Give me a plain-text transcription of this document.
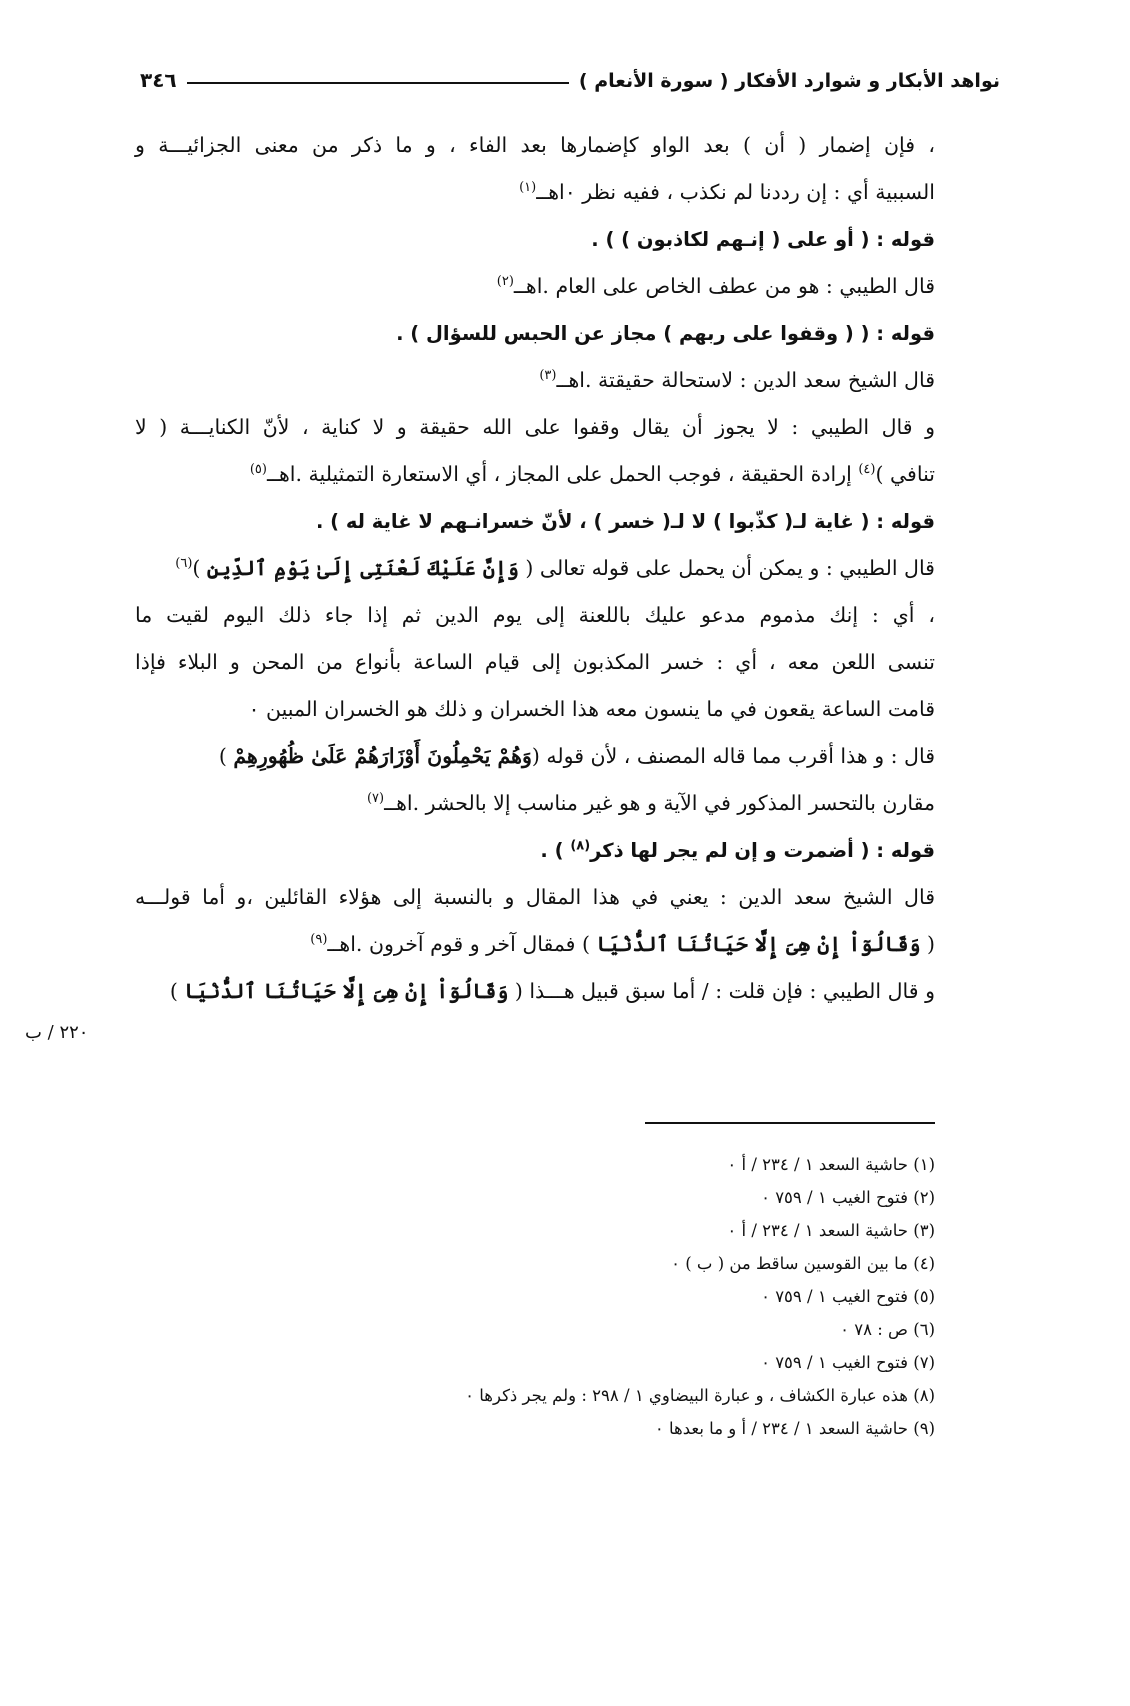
نواهد الأبكار و شوارد الأفكار ( سورة الأنعام )
٣٤٦
، فإن إضمار ( أن ) بعد الواو كإضمارها بعد الفاء ، و ما ذكر من معنى الجزائيـــة و
السببية أي : إن رددنا لم نكذب ، ففيه نظر ٠اهــ$^{(١)}$
قوله : ( أو على ( إنـهم لكاذبون ) ) .
قال الطيبي : هو من عطف الخاص على العام .اهــ$^{(٢)}$
قوله : ( ( وقفوا على ربهم ) مجاز عن الحبس للسؤال ) .
قال الشيخ سعد الدين : لاستحالة حقيقتة .اهــ$^{(٣)}$
و قال الطيبي : لا يجوز أن يقال وقفوا على الله حقيقة و لا كناية ، لأنّ الكنايـــة ( لا
تنافي )$^{(٤)}$ إرادة الحقيقة ، فوجب الحمل على المجاز ، أي الاستعارة التمثيلية .اهــ$^{(٥)}$
قوله : ( غاية لـ( كذّبوا ) لا لـ( خسر ) ، لأنّ خسرانـهم لا غاية له ) .
قال الطيبي : و يمكن أن يحمل على قوله تعالى ( وَإِنَّ عَلَيْكَ لَعْنَتِى إِلَىٰ يَوْمِ ٱلدِّينِ )$^{(٦)}$
، أي : إنك مذموم مدعو عليك باللعنة إلى يوم الدين ثم إذا جاء ذلك اليوم لقيت ما
تنسى اللعن معه ، أي : خسر المكذبون إلى قيام الساعة بأنواع من المحن و البلاء فإذا
قامت الساعة يقعون في ما ينسون معه هذا الخسران و ذلك هو الخسران المبين ٠
قال : و هذا أقرب مما قاله المصنف ، لأن قوله (وَهُمْ يَحْمِلُونَ أَوْزَارَهُمْ عَلَىٰ ظُهُورِهِمْ )
مقارن بالتحسر المذكور في الآية و هو غير مناسب إلا بالحشر .اهــ$^{(٧)}$
قوله : ( أضمرت و إن لم يجر لها ذكر$^{(٨)}$ ) .
قال الشيخ سعد الدين : يعني في هذا المقال و بالنسبة إلى هؤلاء القائلين ،و أما قولـــه
( وَقَالُوٓاْ إِنْ هِىَ إِلَّا حَيَاتُنَا ٱلدُّنْيَا ) فمقال آخر و قوم آخرون .اهــ$^{(٩)}$
و قال الطيبي : فإن قلت : / أما سبق قبيل هـــذا ( وَقَالُوٓاْ إِنْ هِىَ إِلَّا حَيَاتُنَا ٱلدُّنْيَا )
٢٢٠ / ب
(١) حاشية السعد ١ / ٢٣٤ / أ ٠
(٢) فتوح الغيب ١ / ٧٥٩ ٠
(٣) حاشية السعد ١ / ٢٣٤ / أ ٠
(٤) ما بين القوسين ساقط من ( ب ) ٠
(٥) فتوح الغيب ١ / ٧٥٩ ٠
(٦) ص : ٧٨ ٠
(٧) فتوح الغيب ١ / ٧٥٩ ٠
(٨) هذه عبارة الكشاف ، و عبارة البيضاوي ١ / ٢٩٨ : ولم يجر ذكرها ٠
(٩) حاشية السعد ١ / ٢٣٤ / أ و ما بعدها ٠
